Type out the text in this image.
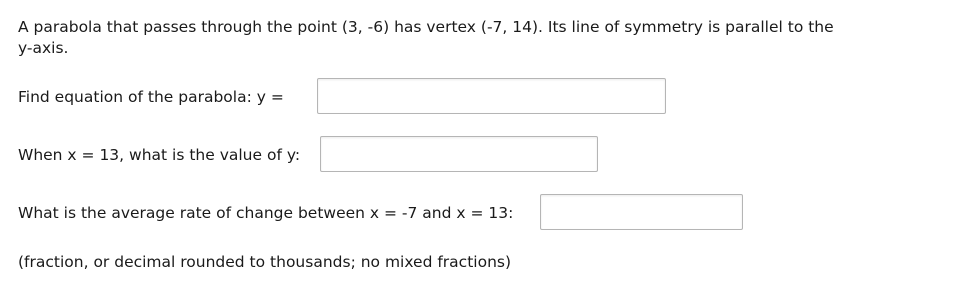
A parabola that passes through the point (3, -6) has vertex (-7, 14). Its line of symmetry is parallel to the
y-axis.
Find equation of the parabola: y =
When x = 13, what is the value of y:
What is the average rate of change between x = -7 and x = 13:
(fraction, or decimal rounded to thousands; no mixed fractions)
